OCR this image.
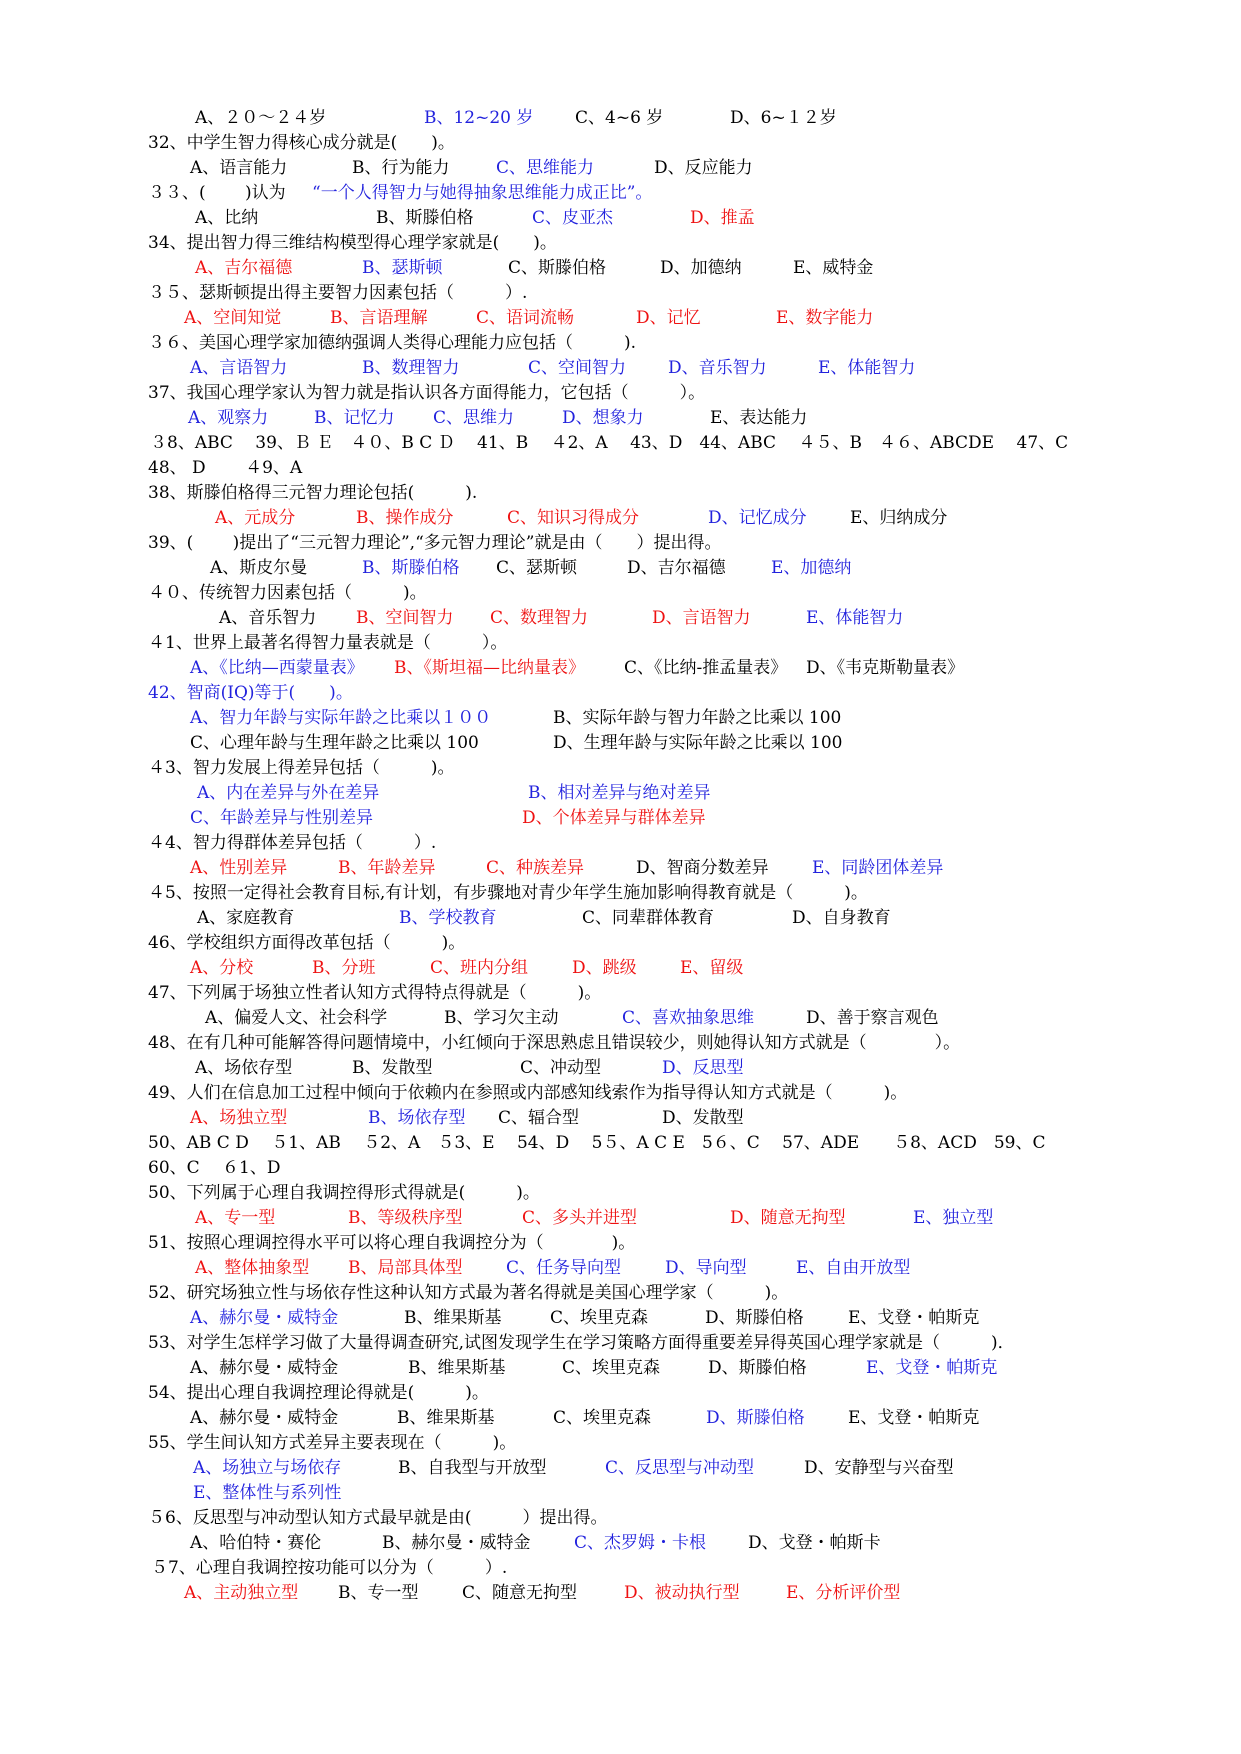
A、２０～２４岁	B、12~20 岁 C、4~6 岁	D、6~１２岁
32、中学生智力得核心成分就是(　　)。
A、语言能力	B、行为能力	C、思维能力	D、反应能力
３３、(　　 )认为 “一个人得智力与她得抽象思维能力成正比”。
A、比纳	B、斯滕伯格	C、皮亚杰	D、推孟
34、提出智力得三维结构模型得心理学家就是(　　)。
A、吉尔福德	B、瑟斯顿	C、斯滕伯格	D、加德纳	E、威特金
３５、瑟斯顿提出得主要智力因素包括（　　　）.
A、空间知觉	B、言语理解	C、语词流畅	D、记忆	E、数字能力
３６、美国心理学家加德纳强调人类得心理能力应包括（　　　).
A、言语智力	B、数理智力	C、空间智力 D、音乐智力	E、体能智力
37、我国心理学家认为智力就是指认识各方面得能力，它包括（　　　）。
A、观察力	B、记忆力 C、思维力	D、想象力	E、表达能力
３8、ABC　 39、Ｂ Ｅ　４０、B C Ｄ　 41、B　 ４2、A　 43、D　44、ABC　 ４５、B　４６、ABCDE　 47、C
48、 D　　 ４9、A
38、斯滕伯格得三元智力理论包括(　　　).
A、元成分	B、操作成分	C、知识习得成分	D、记忆成分	E、归纳成分
39、(　　 )提出了“三元智力理论”,“多元智力理论”就是由（　　）提出得。
A、斯皮尔曼	B、斯滕伯格 C、瑟斯顿	D、吉尔福德	E、加德纳
４０、传统智力因素包括（　　　)。
A、音乐智力 B、空间智力 C、数理智力	D、言语智力	E、体能智力
４1、世界上最著名得智力量表就是（　　　）。
A、《比纳—西蒙量表》 B、《斯坦福—比纳量表》 C、《比纳-推孟量表》 D、《韦克斯勒量表》
42、智商(IQ)等于(　　)。
A、智力年龄与实际年龄之比乘以１００	B、实际年龄与智力年龄之比乘以 100
C、心理年龄与生理年龄之比乘以 100	D、生理年龄与实际年龄之比乘以 100
４3、智力发展上得差异包括（　　　)。
A、内在差异与外在差异	B、相对差异与绝对差异
C、年龄差异与性别差异	D、个体差异与群体差异
４4、智力得群体差异包括（　　　）.
A、性别差异	B、年龄差异	C、种族差异	D、智商分数差异	E、同龄团体差异
４5、按照一定得社会教育目标,有计划，有步骤地对青少年学生施加影响得教育就是（　　　)。
A、家庭教育	B、学校教育	C、同辈群体教育	D、自身教育
46、学校组织方面得改革包括（　　　)。
A、分校	B、分班	C、班内分组	D、跳级	E、留级
47、下列属于场独立性者认知方式得特点得就是（　　　)。
A、偏爱人文、社会科学	B、学习欠主动	C、喜欢抽象思维	D、善于察言观色
48、在有几种可能解答得问题情境中，小红倾向于深思熟虑且错误较少，则她得认知方式就是（　　　　）。
A、场依存型	B、发散型	C、冲动型	D、反思型
49、人们在信息加工过程中倾向于依赖内在参照或内部感知线索作为指导得认知方式就是（　　　)。
A、场独立型	B、场依存型 C、辐合型	D、发散型
50、AB C D　 ５1、AB　 ５2、A　５3、E　 54、D　 5５、A C E　5６、C　 57、ADE　　５8、ACD　59、C
60、C　 ６1、D
50、下列属于心理自我调控得形式得就是(　　　)。
A、专一型	B、等级秩序型	C、多头并进型	D、随意无拘型	E、独立型
51、按照心理调控得水平可以将心理自我调控分为（　　　　)。
A、整体抽象型 B、局部具体型	C、任务导向型	D、导向型	E、自由开放型
52、研究场独立性与场依存性这种认知方式最为著名得就是美国心理学家（　　　)。
A、赫尔曼・威特金	B、维果斯基	C、埃里克森	D、斯滕伯格	E、戈登・帕斯克
53、对学生怎样学习做了大量得调查研究,试图发现学生在学习策略方面得重要差异得英国心理学家就是（　　　)．
A、赫尔曼・威特金	B、维果斯基	C、埃里克森	D、斯滕伯格	E、戈登・帕斯克
54、提出心理自我调控理论得就是(　　　)。
A、赫尔曼・威特金	B、维果斯基	C、埃里克森	D、斯滕伯格	E、戈登・帕斯克
55、学生间认知方式差异主要表现在（　　　)。
A、场独立与场依存	B、自我型与开放型	C、反思型与冲动型	D、安静型与兴奋型
E、整体性与系列性
５6、反思型与冲动型认知方式最早就是由(　　　）提出得。
A、哈伯特・赛伦	B、赫尔曼・威特金	C、杰罗姆・卡根 D、戈登・帕斯卡
５7、心理自我调控按功能可以分为（　　　）.
A、主动独立型 B、专一型	C、随意无拘型	D、被动执行型	E、分析评价型
